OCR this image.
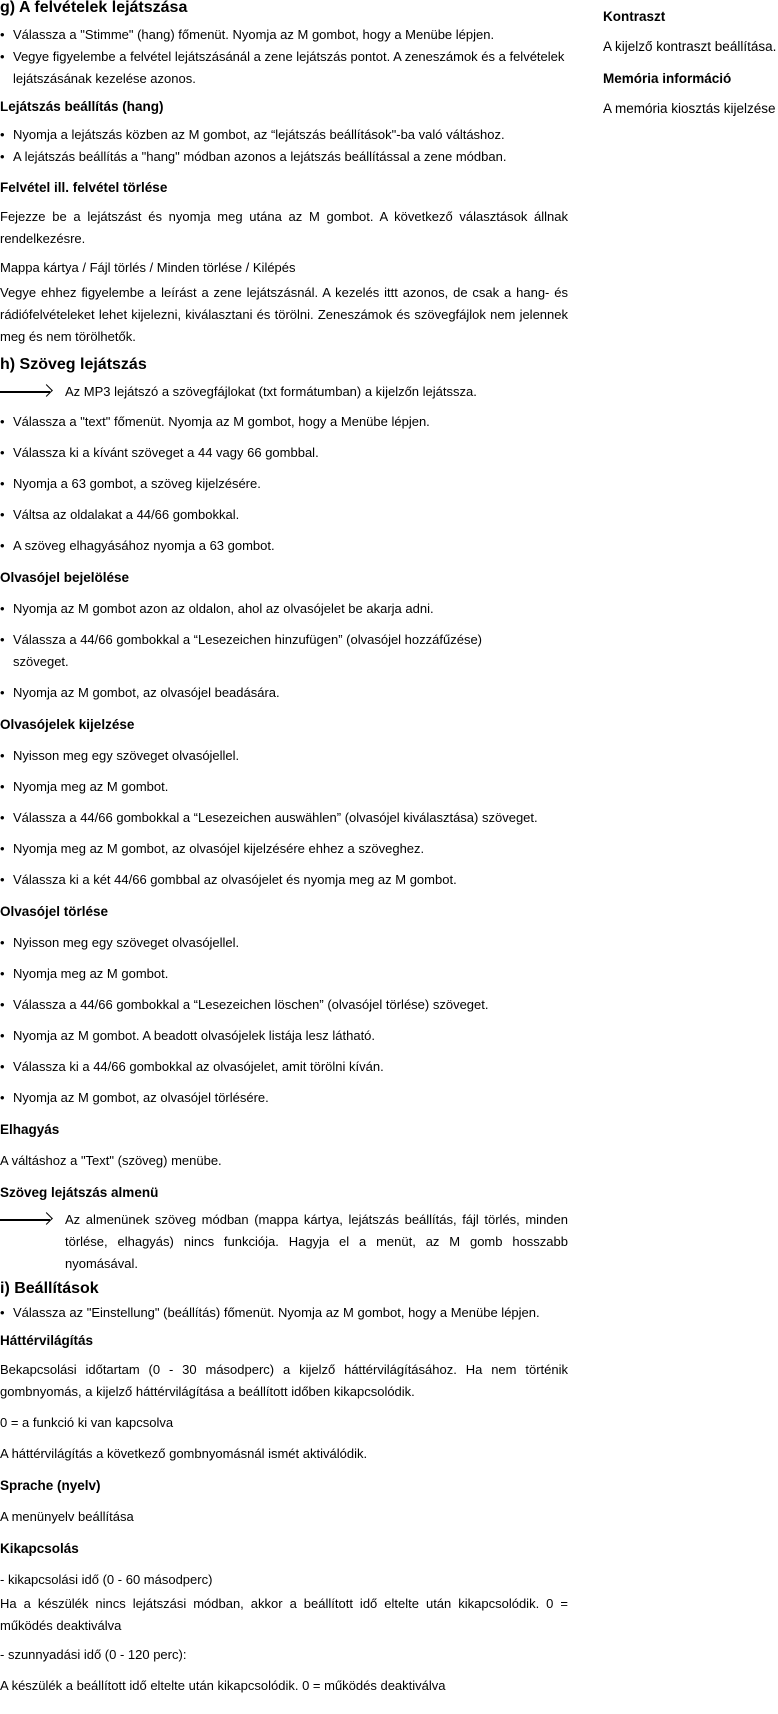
g) A felvételek lejátszása
• Válassza a "Stimme" (hang) főmenüt. Nyomja az M gombot, hogy a Menübe lépjen.
• Vegye figyelembe a felvétel lejátszásánál a zene lejátszás pontot. A zeneszámok és a felvételek lejátszásának kezelése azonos.
Lejátszás beállítás (hang)
• Nyomja a lejátszás közben az M gombot, az “lejátszás beállítások"-ba való váltáshoz.
• A lejátszás beállítás a "hang" módban azonos a lejátszás beállítással a zene módban.
Felvétel ill. felvétel törlése
Fejezze be a lejátszást és nyomja meg utána az M gombot. A következő választások állnak rendelkezésre.
Mappa kártya / Fájl törlés / Minden törlése / Kilépés
Vegye ehhez figyelembe a leírást a zene lejátszásnál. A kezelés ittt azonos, de csak a hang- és rádiófelvételeket lehet kijelezni, kiválasztani és törölni. Zeneszámok és szövegfájlok nem jelennek meg és nem törölhetők.
h) Szöveg lejátszás
Az MP3 lejátszó a szövegfájlokat (txt formátumban) a kijelzőn lejátssza.
• Válassza a "text" főmenüt. Nyomja az M gombot, hogy a Menübe lépjen.
• Válassza ki a kívánt szöveget a 44 vagy 66 gombbal.
• Nyomja a 63 gombot, a szöveg kijelzésére.
• Váltsa az oldalakat a 44/66 gombokkal.
• A szöveg elhagyásához nyomja a 63 gombot.
Olvasójel bejelölése
• Nyomja az M gombot azon az oldalon, ahol az olvasójelet be akarja adni.
• Válassza a 44/66 gombokkal a “Lesezeichen hinzufügen” (olvasójel hozzáfűzése) szöveget.
• Nyomja az M gombot, az olvasójel beadására.
Olvasójelek kijelzése
• Nyisson meg egy szöveget olvasójellel.
• Nyomja meg az M gombot.
• Válassza a 44/66 gombokkal a “Lesezeichen auswählen” (olvasójel kiválasztása) szöveget.
• Nyomja meg az M gombot, az olvasójel kijelzésére ehhez a szöveghez.
• Válassza ki a két 44/66 gombbal az olvasójelet és nyomja meg az M gombot.
Olvasójel törlése
• Nyisson meg egy szöveget olvasójellel.
• Nyomja meg az M gombot.
• Válassza a 44/66 gombokkal a “Lesezeichen löschen” (olvasójel törlése) szöveget.
• Nyomja az M gombot. A beadott olvasójelek listája lesz látható.
• Válassza ki a 44/66 gombokkal az olvasójelet, amit törölni kíván.
• Nyomja az M gombot, az olvasójel törlésére.
Elhagyás
A váltáshoz a "Text" (szöveg) menübe.
Szöveg lejátszás almenü
Az almenünek szöveg módban (mappa kártya, lejátszás beállítás, fájl törlés, minden törlése, elhagyás) nincs funkciója. Hagyja el a menüt, az M gomb hosszabb nyomásával.
i) Beállítások
• Válassza az "Einstellung" (beállítás) főmenüt. Nyomja az M gombot, hogy a Menübe lépjen.
Háttérvilágítás
Bekapcsolási időtartam (0 - 30 másodperc) a kijelző háttérvilágításához. Ha nem történik gombnyomás, a kijelző háttérvilágítása a beállított időben kikapcsolódik.
0 = a funkció ki van kapcsolva
A háttérvilágítás a következő gombnyomásnál ismét aktiválódik.
Sprache (nyelv)
A menünyelv beállítása
Kikapcsolás
- kikapcsolási idő (0 - 60 másodperc)
Ha a készülék nincs lejátszási módban, akkor a beállított idő eltelte után kikapcsolódik. 0 = működés deaktiválva
- szunnyadási idő (0 - 120 perc):
A készülék a beállított idő eltelte után kikapcsolódik. 0 = működés deaktiválva
Kontraszt
A kijelző kontraszt beállítása.
Memória információ
A memória kiosztás kijelzése
